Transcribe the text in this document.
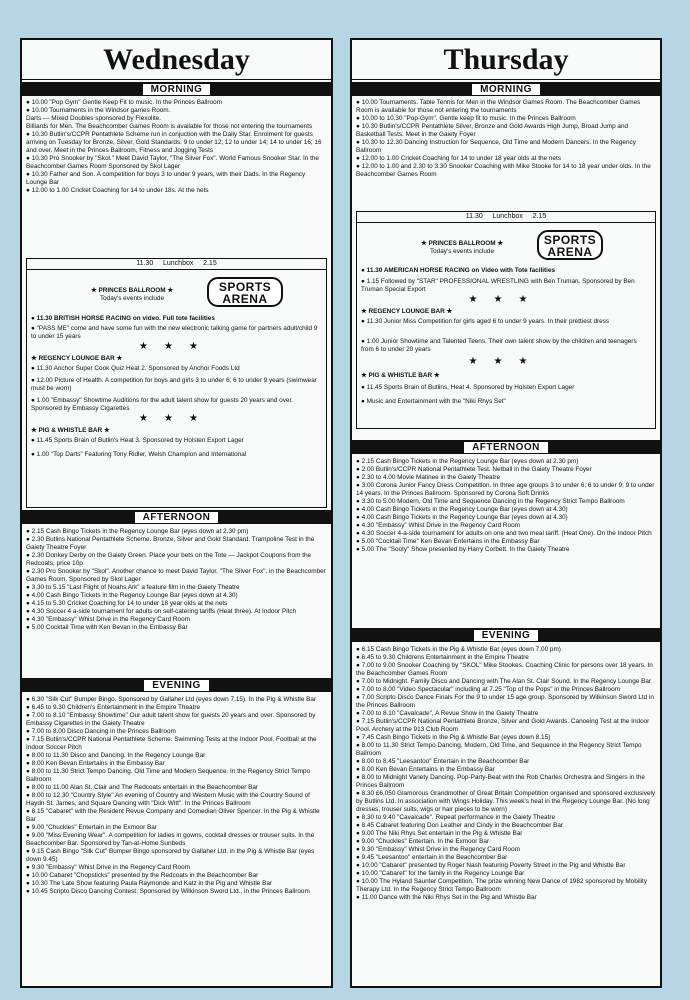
Wednesday
MORNING

● 10.00 "Pop Gym" Gentle Keep Fit to music. In the Princes Ballroom

● 10.00 Tournaments in the Windsor games Room.

Darts — Mixed Doubles sponsored by Flexolite.

Billiards for Men. The Beachcomber Games Room is available for those not entering the tournaments

● 10.30 Butlin's/CCPR Pentathlete Scheme run in conjuction with the Daily Star. Enrolment for guests arriving on Tuesday for Bronze, Silver, Gold Standards. 9 to under 12; 12 to under 14; 14 to under 16; 16 and over. Meet in the Princes Ballroom, Fitness and Jogging Tests

● 10.30 Pro Snooker by "Skol." Meet David Taylor, "The Silver Fox". World Famous Snooker Star. In the Beachcomber Games Room Sponsored by Skol Lager

● 10.30 Father and Son. A competition for boys 3 to under 9 years, with their Dads. In the Regency Lounge Bar

● 12.00 to 1.00 Cricket Coaching for 14 to under 18s. At the nets

11.30 Lunchbox 2.15
SPORTS
ARENA
★ PRINCES BALLROOM ★
Today's events include
● 11.30 BRITISH HORSE RACING on video. Full tote facilities
● "PASS ME" come and have some fun with the new electronic talking game for partners adult/child 9 to under 15 years
★★★
★ REGENCY LOUNGE BAR ★
● 11.30 Anchor Super Cook Quiz Heat 2. Sponsored by Anchor Foods Ltd
● 12.00 Picture of Health. A competition for boys and girls 3 to under 6; 6 to under 9 years (swimwear must be worn)
● 1.00 "Embassy" Showtime Auditions for the adult talent show for guests 20 years and over. Sponsored by Embassy Cigarettes
★★★
★ PIG & WHISTLE BAR ★
● 11.45 Sports Brain of Butlin's Heat 3. Sponsored by Holsten Export Lager
● 1.00 "Top Darts" Featuring Tony Ridler, Welsh Champion and International
AFTERNOON

● 2.15 Cash Bingo Tickets in the Regency Lounge Bar (eyes down at 2.30 pm)

● 2.30 Butlins National Pentathlete Scheme. Bronze, Silver and Gold Standard. Trampoline Test in the Gaiety Theatre Foyer

● 2.30 Donkey Derby on the Gaiety Green. Place your bets on the Tote — Jackpot Coupons from the Redcoats, price 10p

● 2.30 Pro Snooker by "Skol". Another chance to meet David Taylor, "The Silver Fox", in the Beachcomber Games Room. Sponsored by Skol Lager

● 3.30 to 5.15 "Last Flight of Noahs Ark" a feature film in the Gaiety Theatre

● 4.00 Cash Bingo Tickets in the Regency Lounge Bar (eyes down at 4.30)

● 4.15 to 5.30 Cricket Coaching for 14 to under 18 year olds at the nets

● 4.30 Soccer 4 a-side tournament for adults on self-catering tariffs (Heat three). At Indoor Pitch

● 4.30 "Embassy" Whist Drive in the Regency Card Room

● 5.00 Cocktail Time with Ken Bevan in the Embassy Bar

EVENING

● 6.30 "Silk Cut" Bumper Bingo. Sponsored by Gallaher Ltd (eyes down 7.15). In the Pig & Whistle Bar

● 6.45 to 9.30 Children's Entertainment in the Empire Theatre

● 7.00 to 8.10 "Embassy Showtime" Our adult talent show for guests 20 years and over. Sponsored by Embassy Cigarettes in the Gaiety Theatre

● 7.00 to 8.00 Disco Dancing in the Princes Ballroom

● 7.15 Butlin's/CCPR National Pentathlete Scheme. Swimming Tests at the Indoor Pool. Football at the Indoor Soccer Pitch

● 8.00 to 11.30 Disco and Dancing. In the Regency Lounge Bar

● 8.00 Ken Bevan Entertains in the Embassy Bar

● 8.00 to 11.30 Strict Tempo Dancing. Old Time and Modern Sequence. In the Regency Strict Tempo Ballroom

● 8.00 to 11.00 Alan St. Clair and The Redcoats entertain in the Beachcomber Bar

● 8.00 to 12.30 "Country Style" An evening of Country and Western Music with the Country Sound of Haydn St. James, and Square Dancing with "Dick Witt". In the Princes Ballroom

● 8.15 "Cabaret" with the Resident Revue Company and Comedian Oliver Spencer. In the Pig & Whistle Bar

● 9.00 "Chuckles" Entertain in the Exmoor Bar

● 9.00 "Miss Evening Wear". A competition for ladies in gowns, cocktail dresses or trouser suits. In the Beachcomber Bar. Sponsored by Tan-at-Home Sunbeds

● 9.15 Cash Bingo "Silk Cut" Bumper Bingo sponsored by Gallaher Ltd. in the Pig & Whistle Bar (eyes down 9.45)

● 9.30 "Embassy" Whist Drive in the Regency Card Room

● 10.00 Cabaret "Chopsticks" presented by the Redcoats in the Beachcomber Bar

● 10.30 The Late Show featuring Paula Raymonde and Katz in the Pig and Whistle Bar

● 10.45 Scripto Disco Dancing Contest. Sponsored by Wilkinson Sword Ltd., in the Princes Ballroom

Thursday
MORNING

● 10.00 Tournaments. Table Tennis for Men in the Windsor Games Room. The Beachcomber Games Room is available for those not entering the tournaments

● 10.00 to 10.30 "Pop-Gym". Gentle keep fit to music. In the Princes Ballroom

● 10.30 Butlin's/CCPR Pentathlete Silver, Bronze and Gold Awards High Jump, Broad Jump and Basketball Tests. Meet in the Gaiety Foyer

● 10.30 to 12.30 Dancing Instruction for Sequence, Old Time and Modern Dancers. In the Regency Ballroom

● 12.00 to 1.00 Cricket Coaching for 14 to under 18 year olds at the nets

● 12.00 to 1.00 and 2.30 to 3.30 Snooker Coaching with Mike Stooke for 14 to 18 year under olds. In the Beachcomber Games Room

11.30 Lunchbox 2.15
SPORTS
ARENA
★ PRINCES BALLROOM ★
Today's events include
● 11.30 AMERICAN HORSE RACING on Video with Tote facilities
● 1.15 Followed by "STAR" PROFESSIONAL WRESTLING with Ben Truman. Sponsored by Ben Truman Special Export
★★★
★ REGENCY LOUNGE BAR ★
● 11.30 Junior Miss Competition for girls aged 6 to under 9 years. In their prettiest dress
● 1.00 Junior Showtime and Talented Teens. Their own talent show by the children and teenagers from 6 to under 20 years
★★★
★ PIG & WHISTLE BAR ★
● 11.45 Sports Brain of Butlins, Heat 4. Sponsored by Holsten Export Lager
● Music and Entertainment with the "Niki Rhys Set"
AFTERNOON

● 2.15 Cash Bingo Tickets in the Regency Lounge Bar (eyes down at 2.30 pm)

● 2.00 Butlin's/CCPR National Pentathlete Test. Netball in the Gaiety Theatre Foyer

● 2.30 to 4.00 Movie Matinee in the Gaiety Theatre

● 3.00 Corona Junior Fancy Dress Competition. In three age groups 3 to under 6; 6 to under 9; 9 to under 14 years. In the Princes Ballroom. Sponsored by Corona Soft Drinks

● 3.30 to 5.00 Modern, Old Time and Sequence Dancing in the Regency Strict Tempo Ballroom

● 4.00 Cash Bingo Tickets in the Regency Lounge Bar (eyes down at 4.30)

● 4.00 Cash Bingo Tickets in the Regency Lounge Bar (eyes down at 4.30)

● 4.30 "Embassy" Whist Drive in the Regency Card Room

● 4.30 Soccer 4-a-side tournament for adults on one and two meal tariff. (Heat One). On the Indoor Pitch

● 5.00 "Cocktail Time" Ken Bevan Entertains in the Embassy Bar

● 5.00 The "Sooty" Show presented by Harry Corbett. In the Gaiety Theatre

EVENING

● 6.15 Cash Bingo Tickets in the Pig & Whistle Bar (eyes down 7.00 pm)

● 6.45 to 9.30 Childrens Entertainment in the Empire Theatre

● 7.00 to 9.00 Snooker Coaching by "SKOL" Mike Stookes. Coaching Clinic for persons over 18 years. In the Beachcomber Games Room

● 7.00 to Midnight. Family Disco and Dancing with The Alan St. Clair Sound. In the Regency Lounge Bar

● 7.00 to 8.00 "Video Spectacular" including at 7.25 "Top of the Pops" in the Princes Ballroom

● 7.00 Scripto Disco Dance Finals For the 9 to under 15 age group. Sponsored by Wilkinson Sword Ltd in the Princes Ballroom

● 7.00 to 8.10 "Cavalcade", A Revue Show in the Gaiety Theatre

● 7.15 Butlin's/CCPR National Pentathlete Bronze, Silver and Gold Awards. Canoeing Test at the Indoor Pool. Archery at the 913 Club Room

● 7.45 Cash Bingo Tickets in the Pig & Whistle Bar (eyes down 8.15)

● 8.00 to 11.30 Strict Tempo Dancing. Modern, Old Time, and Sequence in the Regency Strict Tempo Ballroom

● 8.00 to 8.45 "Leesantoo" Entertain in the Beachcomber Bar

● 8.00 Ken Bevan Entertains in the Embassy Bar

● 8.00 to Midnight Variety Dancing. Pop-Party-Beat with the Rob Charles Orchestra and Singers in the Princes Ballroom

● 8.30 £6,050 Glamorous Grandmother of Great Britain Competition organised and sponsored exclusively by Butlins Ltd. In association with Wings Holiday. This week's heat in the Regency Lounge Bar. (No long dresses, trouser suits, wigs or hair pieces to be worn)

● 8.30 to 9.40 "Cavalcade". Repeat performance in the Gaiety Theatre

● 8.45 Cabaret featuring Don Leather and Cindy in the Beachcomber Bar

● 9.00 The Niki Rhys Set entertain in the Pig & Whistle Bar

● 9.00 "Chuckles" Entertain. In the Exmoor Bar

● 9.30 "Embassy" Whist Drive in the Regency Card Room

● 9.45 "Leesantoo" entertain in the Beachcomber Bar

● 10.00 "Cabaret" presented by Roger Nash featuring Poverty Street in the Pig and Whistle Bar

● 10.00 "Cabaret" for the family in the Regency Lounge Bar

● 10.00 The Hyland Saunter Competition. The prize winning New Dance of 1982 sponsored by Mobility Therapy Ltd. In the Regency Strict Tempo Ballroom

● 11.00 Dance with the Niki Rhys Set in the Pig and Whistle Bar
